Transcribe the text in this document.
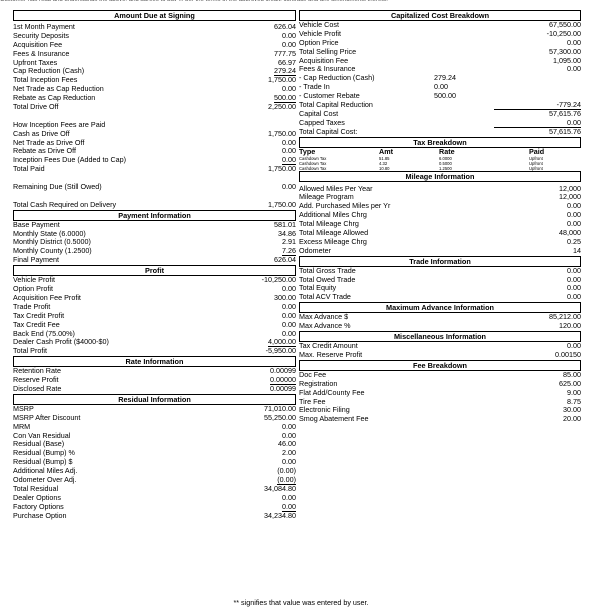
Amount Due at Signing
1st Month Payment	626.04
Security Deposits	0.00
Acquisition Fee	0.00
Fees & Insurance	777.75
Upfront Taxes	66.97
Cap Reduction (Cash)	279.24
Total Inception Fees	1,750.00
Net Trade as Cap Reduction	0.00
Rebate as Cap Reduction	500.00
Total Drive Off	2,250.00
How Inception Fees are Paid
Cash as Drive Off	1,750.00
Net Trade as Drive Off	0.00
Rebate as Drive Off	0.00
Inception Fees Due (Added to Cap)	0.00
Total Paid	1,750.00
Remaining Due (Still Owed)	0.00
Total Cash Required on Delivery	1,750.00
Payment Information
Base Payment	581.01
Monthly State (6.0000)	34.86
Monthly District (0.5000)	2.91
Monthly County (1.2500)	7.26
Final Payment	626.04
Profit
Vehicle Profit	-10,250.00
Option Profit	0.00
Acquisition Fee Profit	300.00
Trade Profit	0.00
Tax Credit Profit	0.00
Tax Credit Fee	0.00
Back End (75.00%)	0.00
Dealer Cash Profit ($4000-$0)	4,000.00
Total Profit	-5,950.00
Rate Information
Retention Rate	0.00099
Reserve Profit	0.00000
Disclosed Rate	0.00099
Residual Information
MSRP	71,010.00
MSRP After Discount	55,250.00
MRM	0.00
Con Van Residual	0.00
Residual (Base)	46.00
Residual (Bump) %	2.00
Residual (Bump) $	0.00
Additional Miles Adj.	(0.00)
Odometer Over Adj.	(0.00)
Total Residual	34,084.80
Dealer Options	0.00
Factory Options	0.00
Purchase Option	34,234.80
Capitalized Cost Breakdown
Vehicle Cost	67,550.00
Vehicle Profit	-10,250.00
Option Price	0.00
Total Selling Price	57,300.00
Acquisition Fee	1,095.00
Fees & Insurance	0.00
- Cap Reduction (Cash)	279.24
- Trade In	0.00
- Customer Rebate	500.00
Total Capital Reduction	-779.24
Capital Cost	57,615.76
Capped Taxes	0.00
Total Capital Cost:	57,615.76
Tax Breakdown
Type	Amt	Rate	Paid
Cashdown Tax	51.85	6.0000	Upfront
Cashdown Tax	4.32	0.5000	Upfront
Cashdown Tax	10.80	1.2500	Upfront
Mileage Information
Allowed Miles Per Year	12,000
Mileage Program	12,000
Add. Purchased Miles per Yr	0.00
Additional Miles Chrg	0.00
Total Mileage Chrg	0.00
Total Mileage Allowed	48,000
Excess Mileage Chrg	0.25
Odometer	14
Trade Information
Total Gross Trade	0.00
Total Owed Trade	0.00
Total Equity	0.00
Total ACV Trade	0.00
Maximum Advance Information
Max Advance $	85,212.00
Max Advance %	120.00
Miscellaneous Information
Tax Credit Amount	0.00
Max. Reserve Profit	0.00150
Fee Breakdown
Doc Fee	85.00
Registration	625.00
Flat Add/County Fee	9.00
Tire Fee	8.75
Electronic Filing	30.00
Smog Abatement Fee	20.00
** signifies that value was entered by user.
